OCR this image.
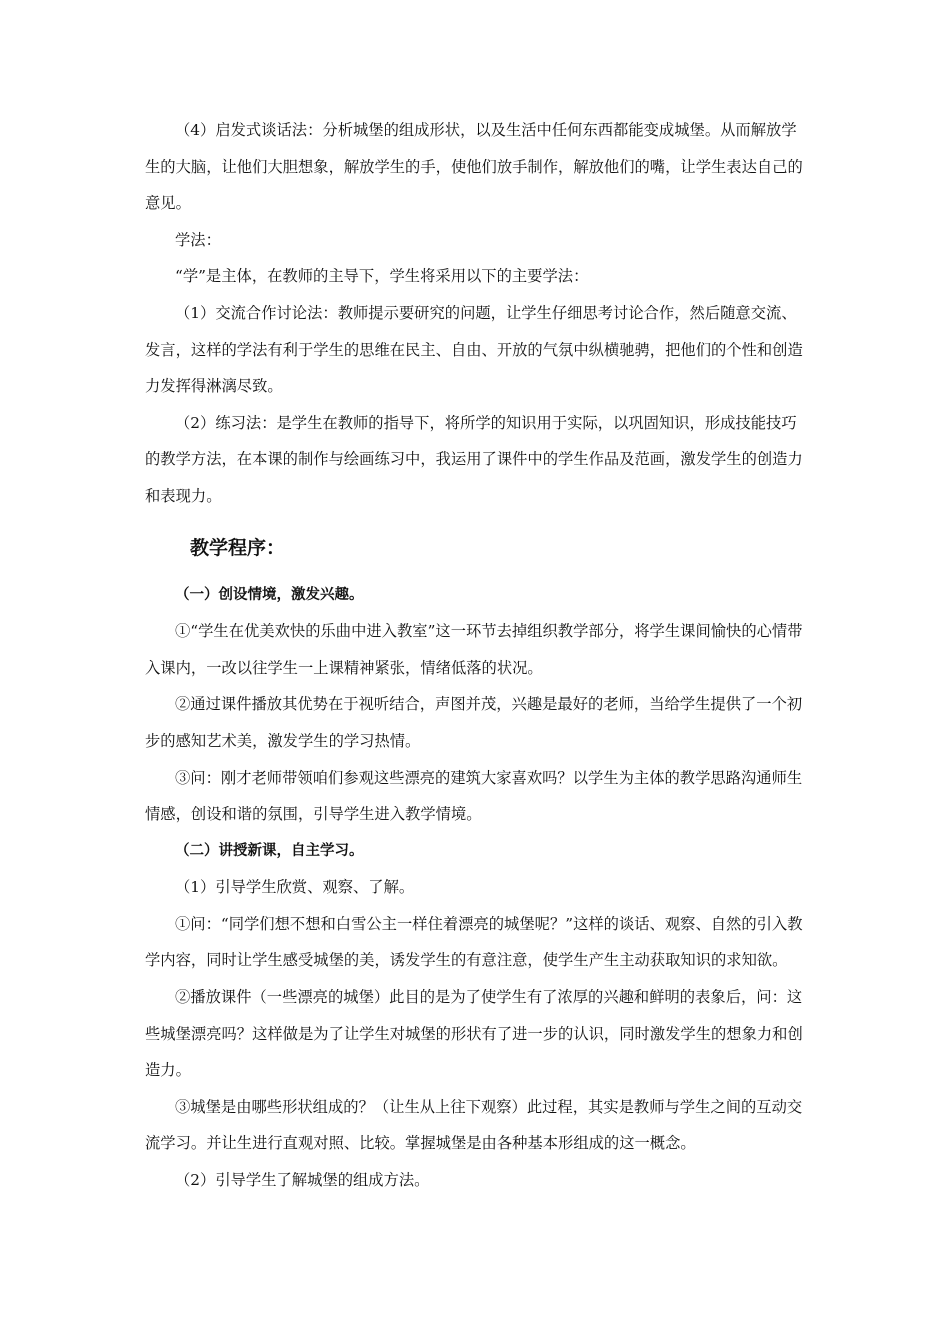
（4）启发式谈话法：分析城堡的组成形状，以及生活中任何东西都能变成城堡。从而解放学生的大脑，让他们大胆想象，解放学生的手，使他们放手制作，解放他们的嘴，让学生表达自己的意见。

学法：

“学”是主体，在教师的主导下，学生将采用以下的主要学法：

（1）交流合作讨论法：教师提示要研究的问题，让学生仔细思考讨论合作，然后随意交流、发言，这样的学法有利于学生的思维在民主、自由、开放的气氛中纵横驰骋，把他们的个性和创造力发挥得淋漓尽致。

（2）练习法：是学生在教师的指导下，将所学的知识用于实际，以巩固知识，形成技能技巧的教学方法，在本课的制作与绘画练习中，我运用了课件中的学生作品及范画，激发学生的创造力和表现力。

教学程序：

（一）创设情境，激发兴趣。

①“学生在优美欢快的乐曲中进入教室”这一环节去掉组织教学部分，将学生课间愉快的心情带入课内，一改以往学生一上课精神紧张，情绪低落的状况。

②通过课件播放其优势在于视听结合，声图并茂，兴趣是最好的老师，当给学生提供了一个初步的感知艺术美，激发学生的学习热情。

③问：刚才老师带领咱们参观这些漂亮的建筑大家喜欢吗？以学生为主体的教学思路沟通师生情感，创设和谐的氛围，引导学生进入教学情境。

（二）讲授新课，自主学习。

（1）引导学生欣赏、观察、了解。

①问：“同学们想不想和白雪公主一样住着漂亮的城堡呢？”这样的谈话、观察、自然的引入教学内容，同时让学生感受城堡的美，诱发学生的有意注意，使学生产生主动获取知识的求知欲。

②播放课件（一些漂亮的城堡）此目的是为了使学生有了浓厚的兴趣和鲜明的表象后，问：这些城堡漂亮吗？这样做是为了让学生对城堡的形状有了进一步的认识，同时激发学生的想象力和创造力。

③城堡是由哪些形状组成的？（让生从上往下观察）此过程，其实是教师与学生之间的互动交流学习。并让生进行直观对照、比较。掌握城堡是由各种基本形组成的这一概念。

（2）引导学生了解城堡的组成方法。
